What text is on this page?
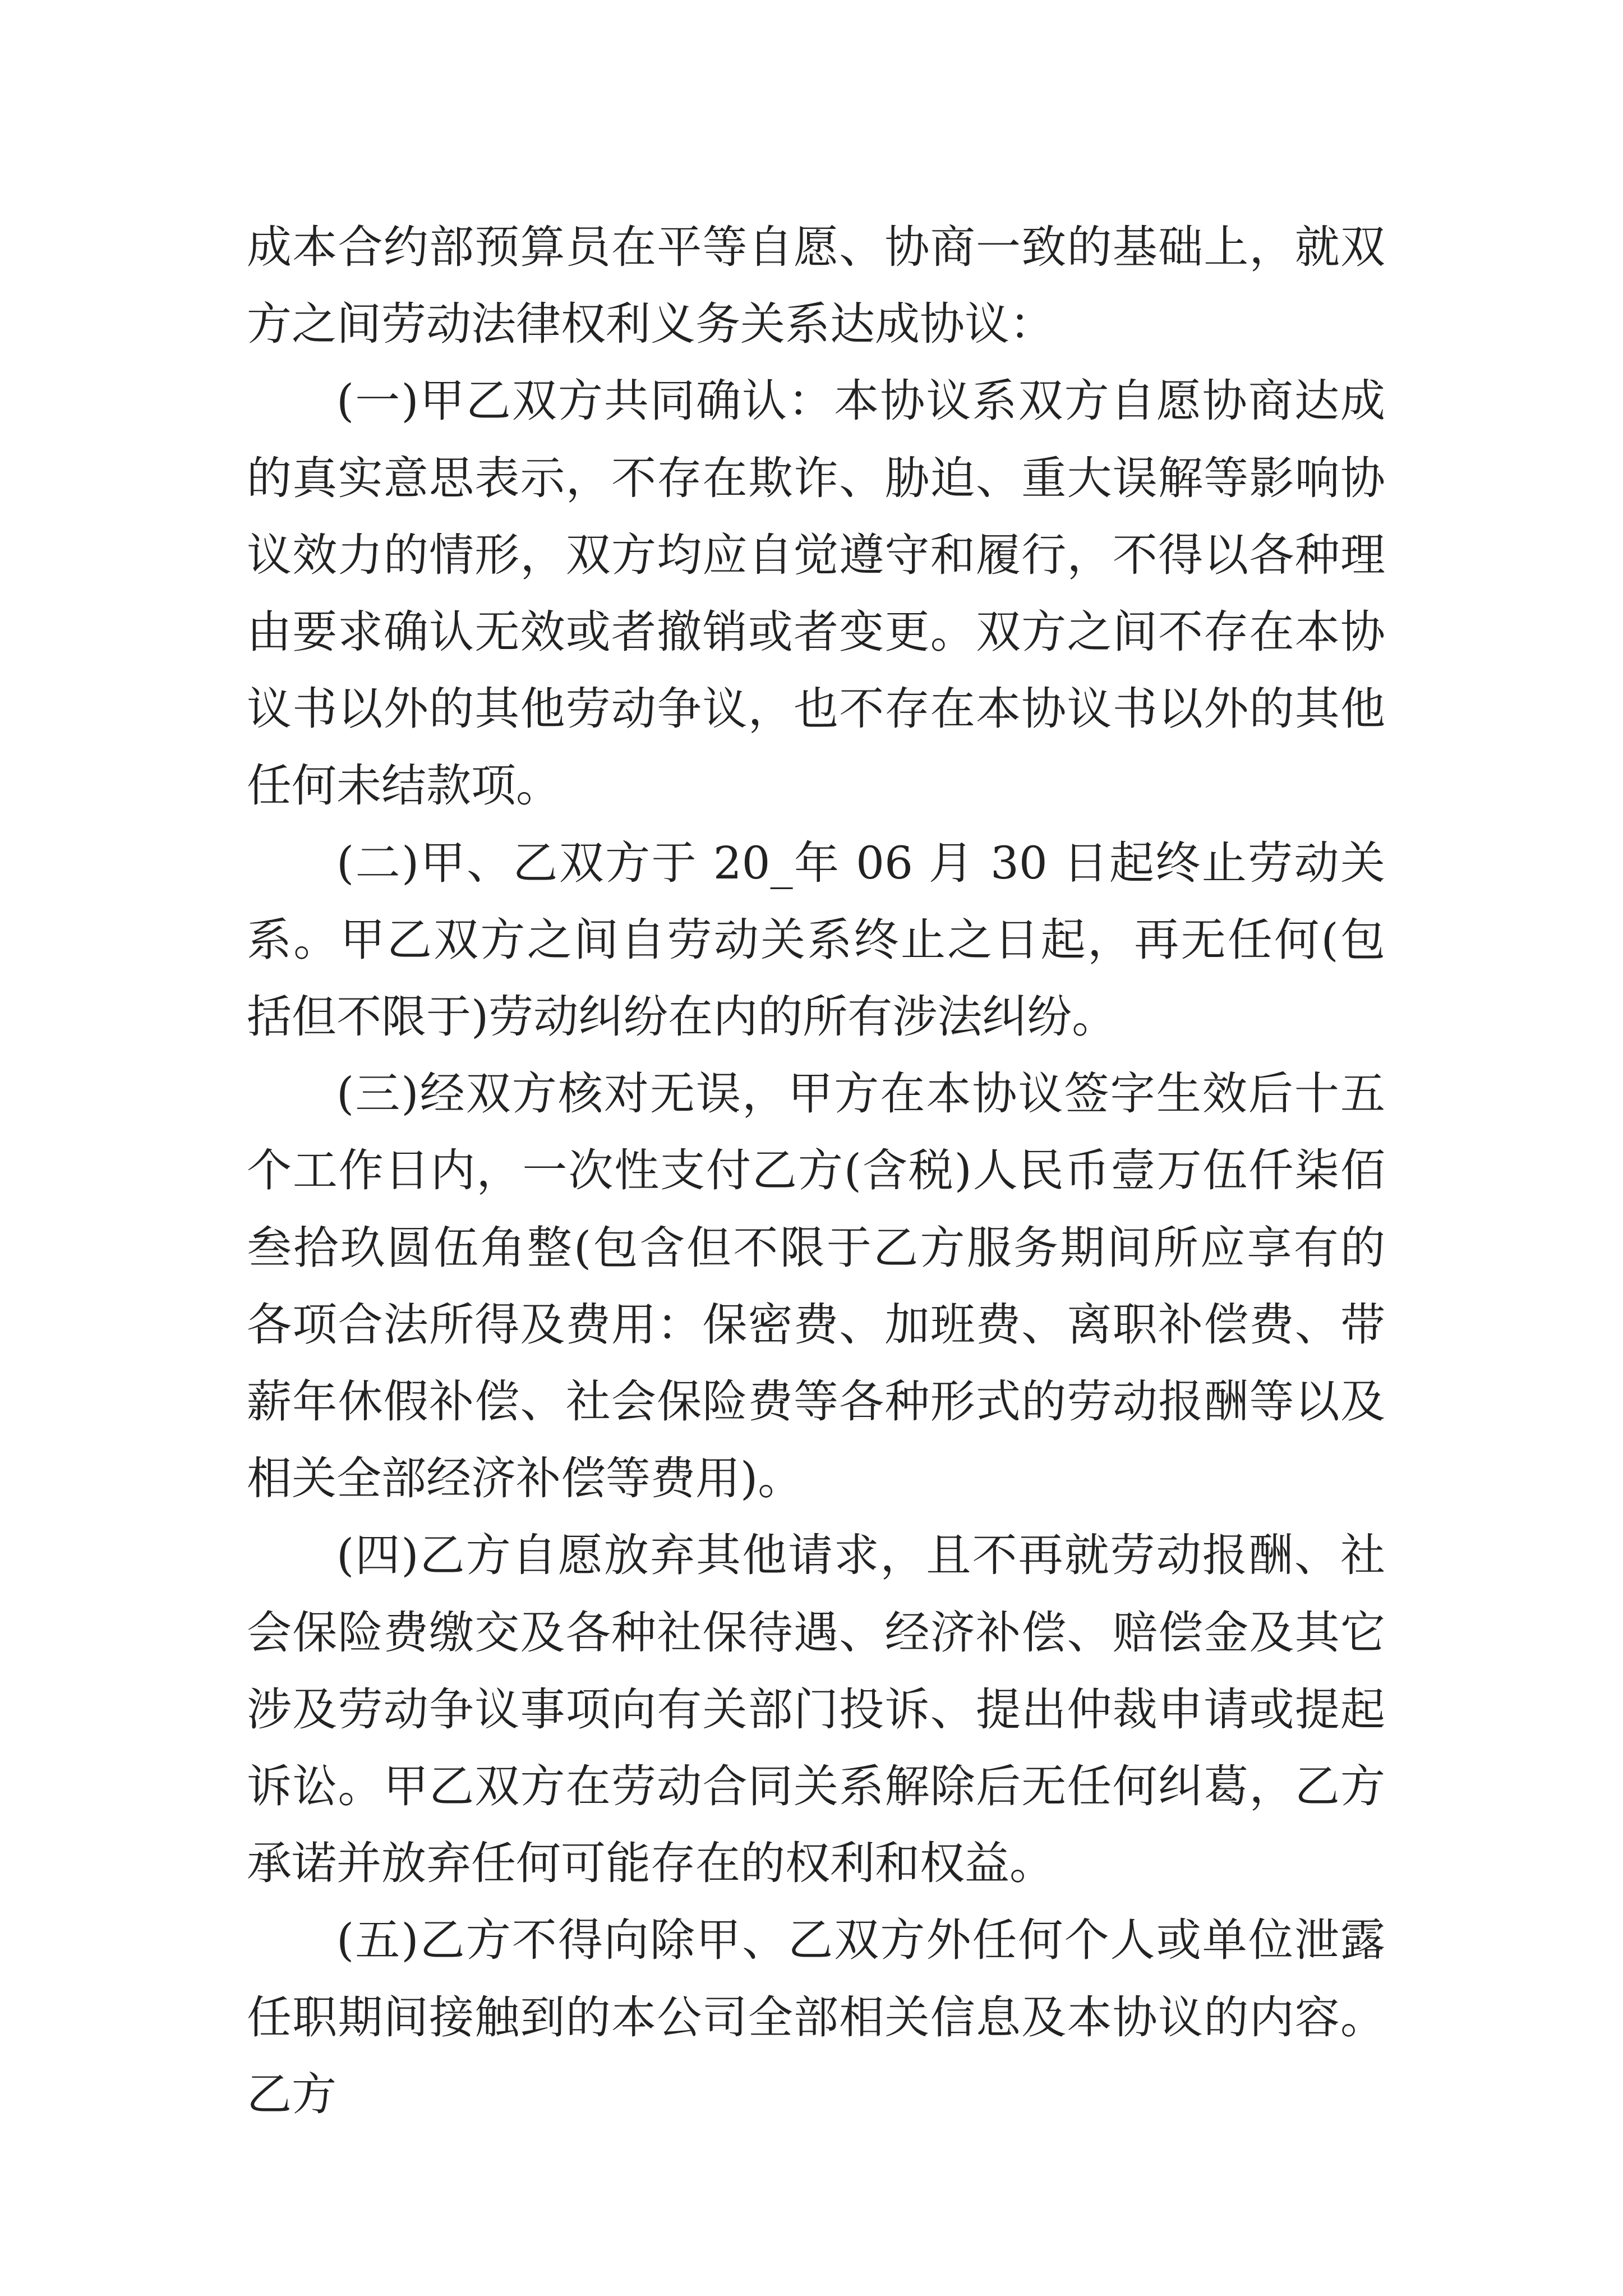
成本合约部预算员在平等自愿、协商一致的基础上，就双方之间劳动法律权利义务关系达成协议：

(一)甲乙双方共同确认：本协议系双方自愿协商达成的真实意思表示，不存在欺诈、胁迫、重大误解等影响协议效力的情形，双方均应自觉遵守和履行，不得以各种理由要求确认无效或者撤销或者变更。双方之间不存在本协议书以外的其他劳动争议，也不存在本协议书以外的其他任何未结款项。

(二)甲、乙双方于 20_年 06 月 30 日起终止劳动关系。甲乙双方之间自劳动关系终止之日起，再无任何(包括但不限于)劳动纠纷在内的所有涉法纠纷。

(三)经双方核对无误，甲方在本协议签字生效后十五个工作日内，一次性支付乙方(含税)人民币壹万伍仟柒佰叁拾玖圆伍角整(包含但不限于乙方服务期间所应享有的各项合法所得及费用：保密费、加班费、离职补偿费、带薪年休假补偿、社会保险费等各种形式的劳动报酬等以及相关全部经济补偿等费用)。

(四)乙方自愿放弃其他请求，且不再就劳动报酬、社会保险费缴交及各种社保待遇、经济补偿、赔偿金及其它涉及劳动争议事项向有关部门投诉、提出仲裁申请或提起诉讼。甲乙双方在劳动合同关系解除后无任何纠葛，乙方承诺并放弃任何可能存在的权利和权益。

(五)乙方不得向除甲、乙双方外任何个人或单位泄露任职期间接触到的本公司全部相关信息及本协议的内容。乙方
